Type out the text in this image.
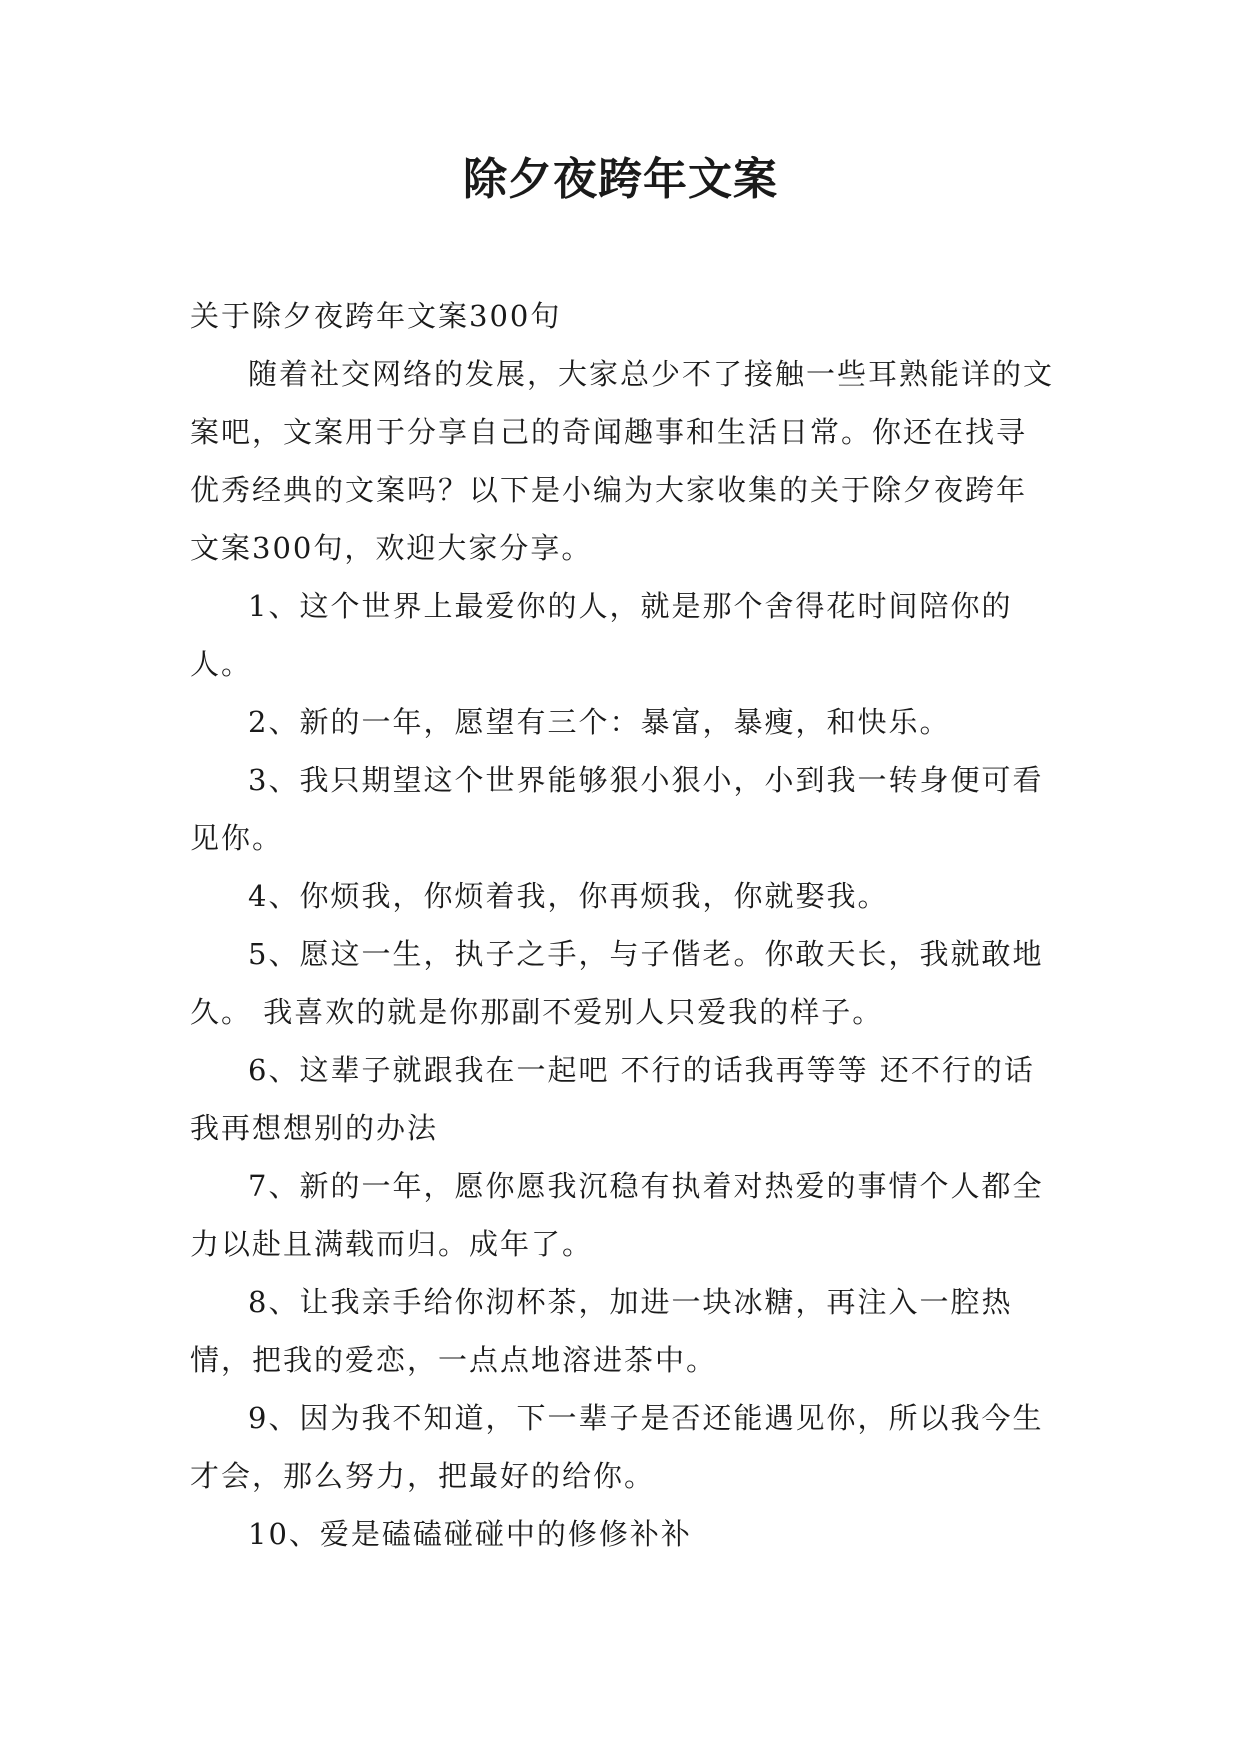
除夕夜跨年文案

关于除夕夜跨年文案300句

随着社交网络的发展，大家总少不了接触一些耳熟能详的文案吧，文案用于分享自己的奇闻趣事和生活日常。你还在找寻优秀经典的文案吗？以下是小编为大家收集的关于除夕夜跨年文案300句，欢迎大家分享。

1、这个世界上最爱你的人，就是那个舍得花时间陪你的人。

2、新的一年，愿望有三个：暴富，暴瘦，和快乐。

3、我只期望这个世界能够狠小狠小，小到我一转身便可看见你。

4、你烦我，你烦着我，你再烦我，你就娶我。

5、愿这一生，执子之手，与子偕老。你敢天长，我就敢地久。 我喜欢的就是你那副不爱别人只爱我的样子。

6、这辈子就跟我在一起吧 不行的话我再等等 还不行的话我再想想别的办法

7、新的一年，愿你愿我沉稳有执着对热爱的事情个人都全力以赴且满载而归。成年了。

8、让我亲手给你沏杯茶，加进一块冰糖，再注入一腔热情，把我的爱恋，一点点地溶进茶中。

9、因为我不知道，下一辈子是否还能遇见你，所以我今生才会，那么努力，把最好的给你。

10、爱是磕磕碰碰中的修修补补
